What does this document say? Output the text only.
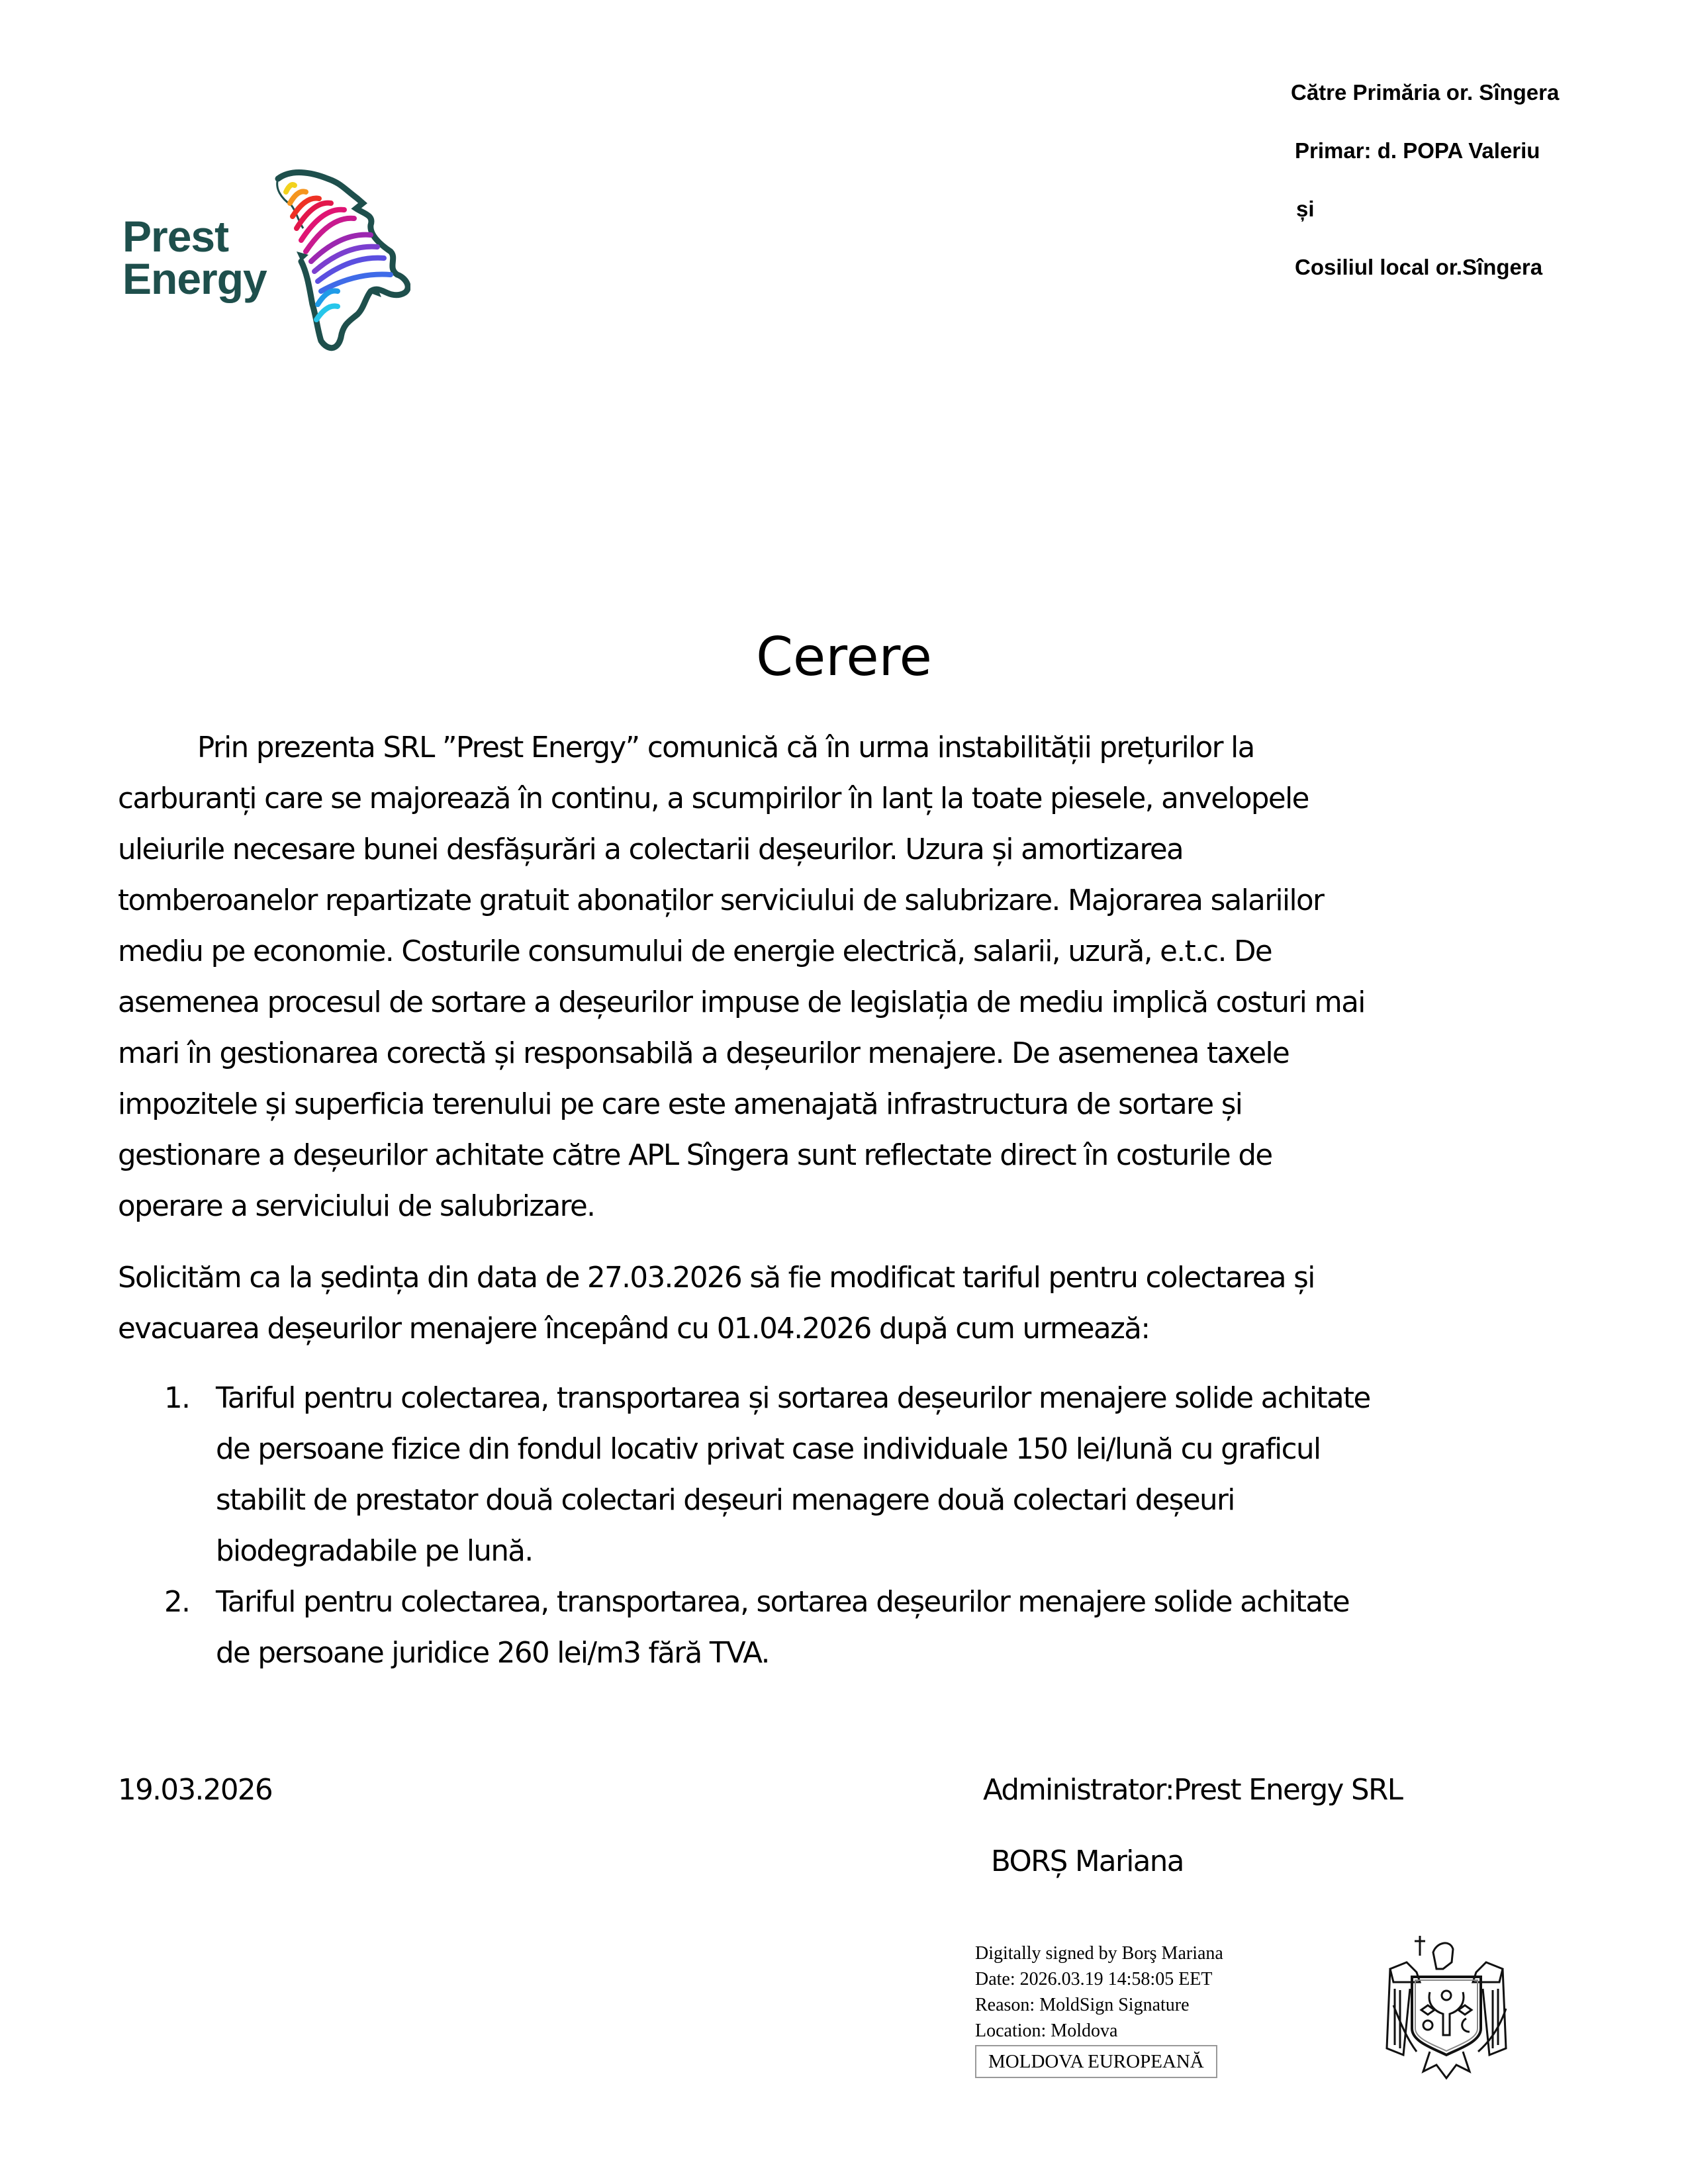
Prest
Energy
Către Primăria or. Sîngera
Primar: d. POPA Valeriu
și
Cosiliul local or.Sîngera
Cerere
Prin prezenta SRL ”Prest Energy” comunică că în urma instabilității prețurilor la
carburanți care se majorează în continu, a scumpirilor în lanț la toate piesele, anvelopele
uleiurile necesare bunei desfășurări a colectarii deșeurilor. Uzura și amortizarea
tomberoanelor repartizate gratuit abonaților serviciului de salubrizare. Majorarea salariilor
mediu pe economie. Costurile consumului de energie electrică, salarii, uzură, e.t.c. De
asemenea procesul de sortare a deșeurilor impuse de legislația de mediu implică costuri mai
mari în gestionarea corectă și responsabilă a deșeurilor menajere. De asemenea taxele
impozitele și superficia terenului pe care este amenajată infrastructura de sortare și
gestionare a deșeurilor achitate către APL Sîngera sunt reflectate direct în costurile de
operare a serviciului de salubrizare.
Solicităm ca la ședința din data de 27.03.2026 să fie modificat tariful pentru colectarea și
evacuarea deșeurilor menajere începând cu 01.04.2026 după cum urmează:
1. Tariful pentru colectarea, transportarea și sortarea deșeurilor menajere solide achitate
de persoane fizice din fondul locativ privat case individuale 150 lei/lună cu graficul
stabilit de prestator două colectari deșeuri menagere două colectari deșeuri
biodegradabile pe lună.
2. Tariful pentru colectarea, transportarea, sortarea deșeurilor menajere solide achitate
de persoane juridice 260 lei/m3 fără TVA.
19.03.2026	Administrator:Prest Energy SRL
BORȘ Mariana
Digitally signed by Borş Mariana
Date: 2026.03.19 14:58:05 EET
Reason: MoldSign Signature
Location: Moldova
MOLDOVA EUROPEANĂ
